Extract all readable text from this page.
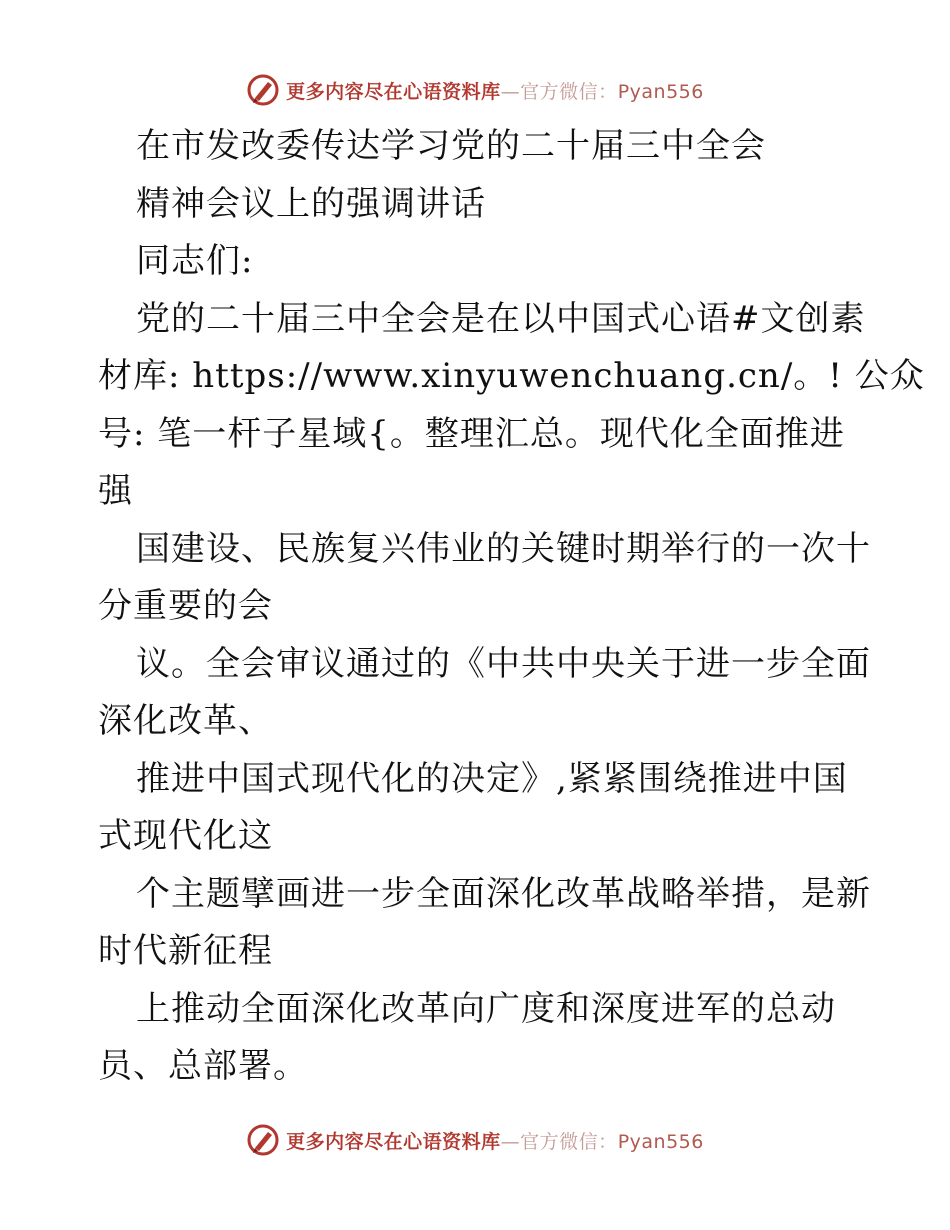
更多内容尽在心语资料库—官方微信：Pyan556

在市发改委传达学习党的二十届三中全会

精神会议上的强调讲话

同志们:

党的二十届三中全会是在以中国式心语#文创素

材库: https://www.xinyuwenchuang.cn/。! 公众

号: 笔一杆子星域{。整理汇总。现代化全面推进

强

国建设、民族复兴伟业的关键时期举行的一次十

分重要的会

议。全会审议通过的《中共中央关于进一步全面

深化改革、

推进中国式现代化的决定》,紧紧围绕推进中国

式现代化这

个主题擘画进一步全面深化改革战略举措，是新

时代新征程

上推动全面深化改革向广度和深度进军的总动

员、总部署。

更多内容尽在心语资料库—官方微信：Pyan556
